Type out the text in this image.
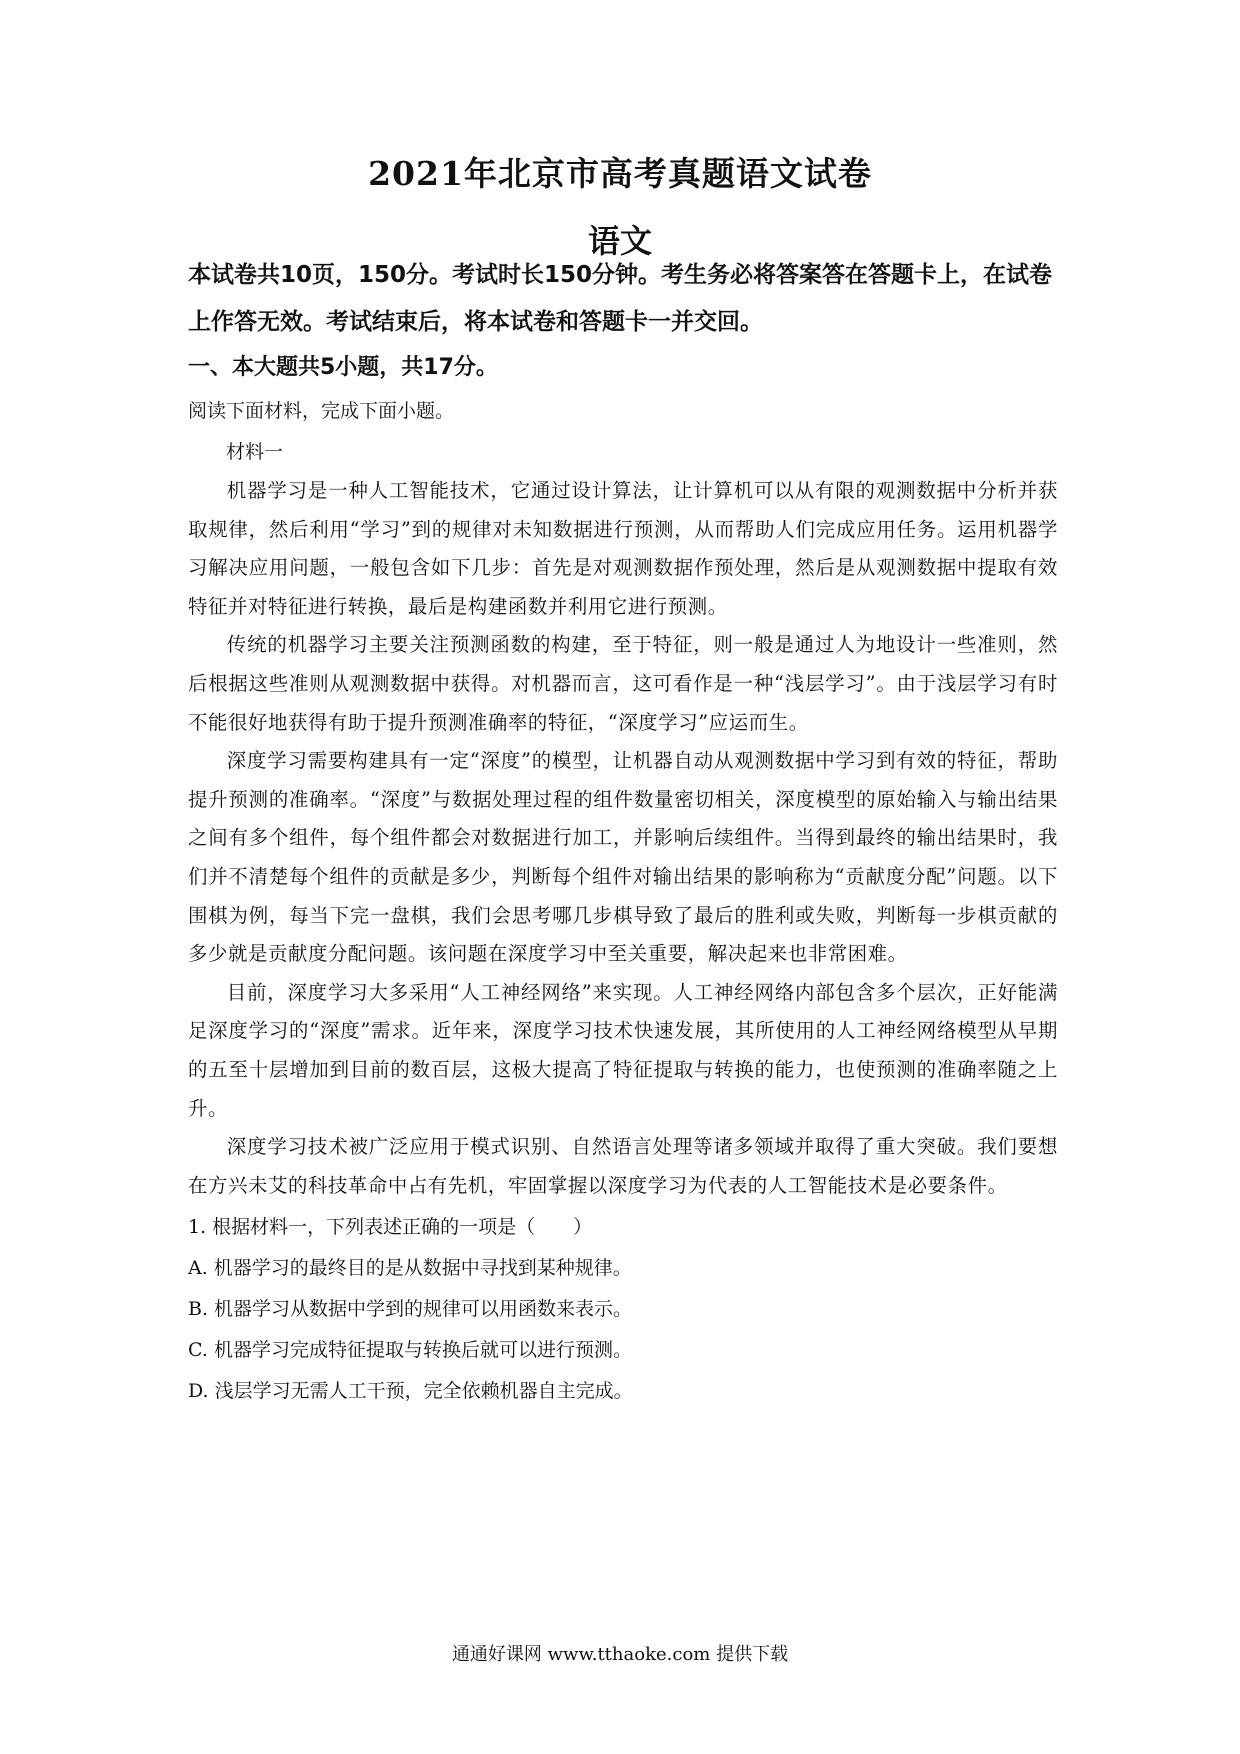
2021年北京市高考真题语文试卷
语文

本试卷共10页，150分。考试时长150分钟。考生务必将答案答在答题卡上，在试卷上作答无效。考试结束后，将本试卷和答题卡一并交回。

一、本大题共5小题，共17分。

阅读下面材料，完成下面小题。

材料一

机器学习是一种人工智能技术，它通过设计算法，让计算机可以从有限的观测数据中分析并获取规律，然后利用“学习”到的规律对未知数据进行预测，从而帮助人们完成应用任务。运用机器学习解决应用问题，一般包含如下几步：首先是对观测数据作预处理，然后是从观测数据中提取有效特征并对特征进行转换，最后是构建函数并利用它进行预测。

传统的机器学习主要关注预测函数的构建，至于特征，则一般是通过人为地设计一些准则，然后根据这些准则从观测数据中获得。对机器而言，这可看作是一种“浅层学习”。由于浅层学习有时不能很好地获得有助于提升预测准确率的特征，“深度学习”应运而生。

深度学习需要构建具有一定“深度”的模型，让机器自动从观测数据中学习到有效的特征，帮助提升预测的准确率。“深度”与数据处理过程的组件数量密切相关，深度模型的原始输入与输出结果之间有多个组件，每个组件都会对数据进行加工，并影响后续组件。当得到最终的输出结果时，我们并不清楚每个组件的贡献是多少，判断每个组件对输出结果的影响称为“贡献度分配”问题。以下围棋为例，每当下完一盘棋，我们会思考哪几步棋导致了最后的胜利或失败，判断每一步棋贡献的多少就是贡献度分配问题。该问题在深度学习中至关重要，解决起来也非常困难。

目前，深度学习大多采用“人工神经网络”来实现。人工神经网络内部包含多个层次，正好能满足深度学习的“深度”需求。近年来，深度学习技术快速发展，其所使用的人工神经网络模型从早期的五至十层增加到目前的数百层，这极大提高了特征提取与转换的能力，也使预测的准确率随之上升。

深度学习技术被广泛应用于模式识别、自然语言处理等诸多领域并取得了重大突破。我们要想在方兴未艾的科技革命中占有先机，牢固掌握以深度学习为代表的人工智能技术是必要条件。

1. 根据材料一，下列表述正确的一项是（　　）

A. 机器学习的最终目的是从数据中寻找到某种规律。

B. 机器学习从数据中学到的规律可以用函数来表示。

C. 机器学习完成特征提取与转换后就可以进行预测。

D. 浅层学习无需人工干预，完全依赖机器自主完成。

通通好课网 www.tthaoke.com 提供下载
